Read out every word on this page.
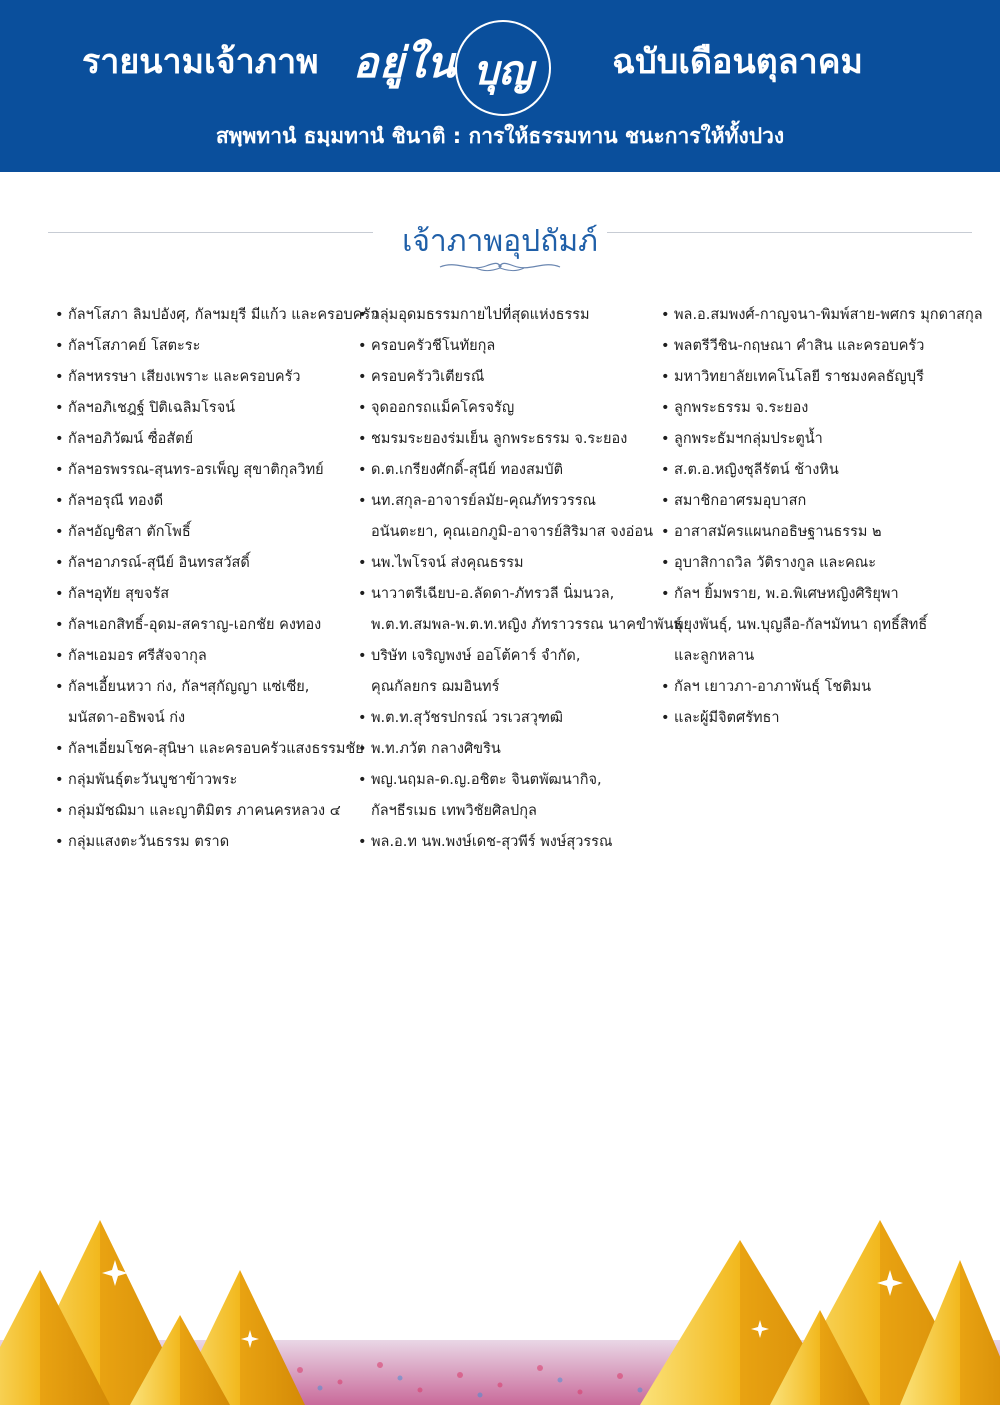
รายนามเจ้าภาพ อยู่ใน บุญ	ฉบับเดือนตุลาคม
สพฺพทานํ ธมฺมทานํ ชินาติ : การให้ธรรมทาน ชนะการให้ทั้งปวง
เจ้าภาพอุปถัมภ์
• กัลฯโสภา ลิมปอังศุ, กัลฯมยุรี มีแก้ว และครอบครัว
• กัลฯโสภาคย์ โสตะระ
• กัลฯหรรษา เสียงเพราะ และครอบครัว
• กัลฯอภิเชฎฐ์ ปิติเฉลิมโรจน์
• กัลฯอภิวัฒน์ ซื่อสัตย์
• กัลฯอรพรรณ-สุนทร-อรเพ็ญ สุขาติกุลวิทย์
• กัลฯอรุณี ทองดี
• กัลฯอัญชิสา ตักโพธิ์
• กัลฯอาภรณ์-สุนีย์ อินทรสวัสดิ์
• กัลฯอุทัย สุขจรัส
• กัลฯเอกสิทธิ์-อุดม-สคราญ-เอกชัย คงทอง
• กัลฯเอมอร ศรีสัจจากุล
• กัลฯเอี้ยนหวา ก่ง, กัลฯสุกัญญา แซ่เซีย,
มนัสดา-อธิพจน์ ก่ง
• กัลฯเอี่ยมโชค-สุนิษา และครอบครัวแสงธรรมชัย
• กลุ่มพันธุ์ตะวันบูชาข้าวพระ
• กลุ่มมัชฌิมา และญาติมิตร ภาคนครหลวง ๔
• กลุ่มแสงตะวันธรรม ตราด
• กลุ่มอุดมธรรมกายไปที่สุดแห่งธรรม
• ครอบครัวชีโนทัยกุล
• ครอบครัววิเตียรณี
• จุดออกรถแม็คโครจรัญ
• ชมรมระยองร่มเย็น ลูกพระธรรม จ.ระยอง
• ด.ต.เกรียงศักดิ์-สุนีย์ ทองสมบัติ
• นท.สกุล-อาจารย์ลมัย-คุณภัทรวรรณ
อนันตะยา, คุณเอกภูมิ-อาจารย์สิริมาส จงอ่อน
• นพ.ไพโรจน์ ส่งคุณธรรม
• นาวาตรีเฉียบ-อ.ลัดดา-ภัทรวลี นิ่มนวล,
พ.ต.ท.สมพล-พ.ต.ท.หญิง ภัทราวรรณ นาคขำพันธุ์
• บริษัท เจริญพงษ์ ออโต้คาร์ จำกัด,
คุณกัลยกร ฌมอินทร์
• พ.ต.ท.สุวัชรปกรณ์ วรเวสวุฑฒิ
• พ.ท.ภวัต กลางศิขริน
• พญ.นฤมล-ด.ญ.อชิตะ จินตพัฒนากิจ,
กัลฯธีรเมธ เทพวิชัยศิลปกุล
• พล.อ.ท นพ.พงษ์เดช-สุวพีร์ พงษ์สุวรรณ
• พล.อ.สมพงศ์-กาญจนา-พิมพ์สาย-พศกร มุกดาสกุล
• พลตรีวีชิน-กฤษณา คำสิน และครอบครัว
• มหาวิทยาลัยเทคโนโลยี ราชมงคลธัญบุรี
• ลูกพระธรรม จ.ระยอง
• ลูกพระธัมฯกลุ่มประตูน้ำ
• ส.ต.อ.หญิงชุลีรัตน์ ช้างหิน
• สมาชิกอาศรมอุบาสก
• อาสาสมัครแผนกอธิษฐานธรรม ๒
• อุบาสิกาถวิล วัติรางกูล และคณะ
• กัลฯ ยิ้มพราย, พ.อ.พิเศษหญิงศิริยุพา
พยุงพันธุ์, นพ.บุญลือ-กัลฯมัทนา ฤทธิ์สิทธิ์
และลูกหลาน
• กัลฯ เยาวภา-อาภาพันธุ์ โชติมน
• และผู้มีจิตศรัทธา
